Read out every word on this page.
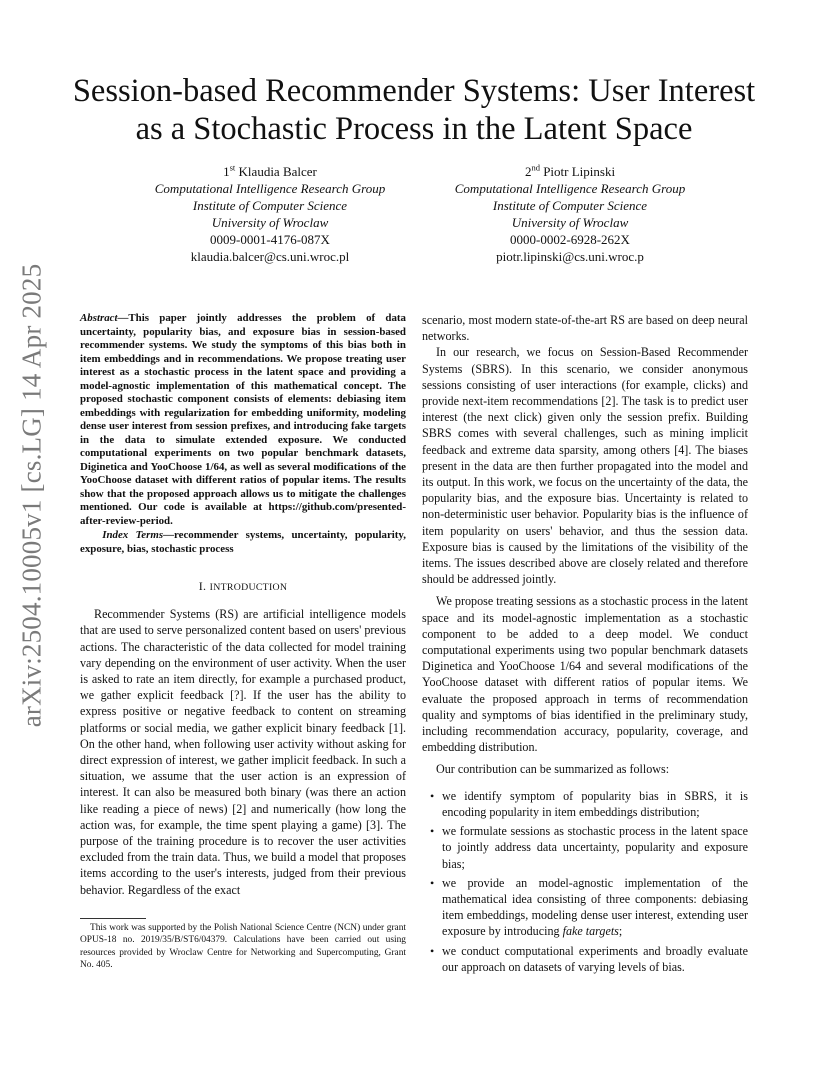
arXiv:2504.10005v1 [cs.LG] 14 Apr 2025
Session-based Recommender Systems: User Interest as a Stochastic Process in the Latent Space
1st Klaudia Balcer
Computational Intelligence Research Group
Institute of Computer Science
University of Wroclaw
0009-0001-4176-087X
klaudia.balcer@cs.uni.wroc.pl
2nd Piotr Lipinski
Computational Intelligence Research Group
Institute of Computer Science
University of Wroclaw
0000-0002-6928-262X
piotr.lipinski@cs.uni.wroc.p

Abstract—This paper jointly addresses the problem of data uncertainty, popularity bias, and exposure bias in session-based recommender systems. We study the symptoms of this bias both in item embeddings and in recommendations. We propose treating user interest as a stochastic process in the latent space and providing a model-agnostic implementation of this mathematical concept. The proposed stochastic component consists of elements: debiasing item embeddings with regularization for embedding uniformity, modeling dense user interest from session prefixes, and introducing fake targets in the data to simulate extended exposure. We conducted computational experiments on two popular benchmark datasets, Diginetica and YooChoose 1/64, as well as several modifications of the YooChoose dataset with different ratios of popular items. The results show that the proposed approach allows us to mitigate the challenges mentioned. Our code is available at https://github.com/presented-after-review-period.

Index Terms—recommender systems, uncertainty, popularity, exposure, bias, stochastic process

I. INTRODUCTION

Recommender Systems (RS) are artificial intelligence models that are used to serve personalized content based on users' previous actions. The characteristic of the data collected for model training vary depending on the environment of user activity. When the user is asked to rate an item directly, for example a purchased product, we gather explicit feedback [?]. If the user has the ability to express positive or negative feedback to content on streaming platforms or social media, we gather explicit binary feedback [1]. On the other hand, when following user activity without asking for direct expression of interest, we gather implicit feedback. In such a situation, we assume that the user action is an expression of interest. It can also be measured both binary (was there an action like reading a piece of news) [2] and numerically (how long the action was, for example, the time spent playing a game) [3]. The purpose of the training procedure is to recover the user activities excluded from the train data. Thus, we build a model that proposes items according to the user's interests, judged from their previous behavior. Regardless of the exact

scenario, most modern state-of-the-art RS are based on deep neural networks.

In our research, we focus on Session-Based Recommender Systems (SBRS). In this scenario, we consider anonymous sessions consisting of user interactions (for example, clicks) and provide next-item recommendations [2]. The task is to predict user interest (the next click) given only the session prefix. Building SBRS comes with several challenges, such as mining implicit feedback and extreme data sparsity, among others [4]. The biases present in the data are then further propagated into the model and its output. In this work, we focus on the uncertainty of the data, the popularity bias, and the exposure bias. Uncertainty is related to non-deterministic user behavior. Popularity bias is the influence of item popularity on users' behavior, and thus the session data. Exposure bias is caused by the limitations of the visibility of the items. The issues described above are closely related and therefore should be addressed jointly.

We propose treating sessions as a stochastic process in the latent space and its model-agnostic implementation as a stochastic component to be added to a deep model. We conduct computational experiments using two popular benchmark datasets Diginetica and YooChoose 1/64 and several modifications of the YooChoose dataset with different ratios of popular items. We evaluate the proposed approach in terms of recommendation quality and symptoms of bias identified in the preliminary study, including recommendation accuracy, popularity, coverage, and embedding distribution.

Our contribution can be summarized as follows:

• we identify symptom of popularity bias in SBRS, it is encoding popularity in item embeddings distribution;
• we formulate sessions as stochastic process in the latent space to jointly address data uncertainty, popularity and exposure bias;
• we provide an model-agnostic implementation of the mathematical idea consisting of three components: debiasing item embeddings, modeling dense user interest, extending user exposure by introducing fake targets;
• we conduct computational experiments and broadly evaluate our approach on datasets of varying levels of bias.

This work was supported by the Polish National Science Centre (NCN) under grant OPUS-18 no. 2019/35/B/ST6/04379. Calculations have been carried out using resources provided by Wroclaw Centre for Networking and Supercomputing, Grant No. 405.
